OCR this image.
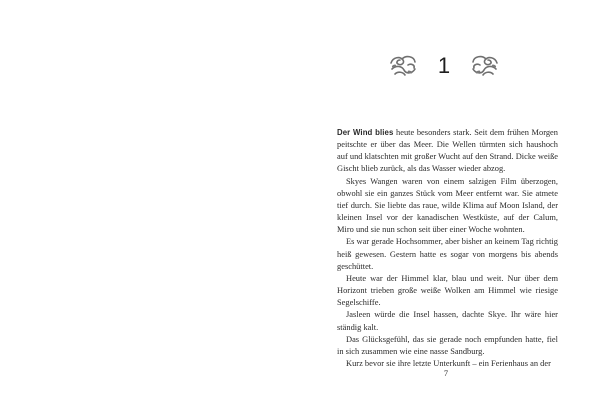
1

Der Wind blies heute besonders stark. Seit dem frühen Morgen peitschte er über das Meer. Die Wellen türmten sich haushoch auf und klatschten mit großer Wucht auf den Strand. Dicke weiße Gischt blieb zurück, als das Wasser wieder abzog.

Skyes Wangen waren von einem salzigen Film überzogen, obwohl sie ein ganzes Stück vom Meer entfernt war. Sie atmete tief durch. Sie liebte das raue, wilde Klima auf Moon Island, der kleinen Insel vor der kanadischen Westküste, auf der Calum, Miro und sie nun schon seit über einer Woche wohnten.

Es war gerade Hochsommer, aber bisher an keinem Tag richtig heiß gewesen. Gestern hatte es sogar von morgens bis abends geschüttet.

Heute war der Himmel klar, blau und weit. Nur über dem Horizont trieben große weiße Wolken am Himmel wie riesige Segelschiffe.

Jasleen würde die Insel hassen, dachte Skye. Ihr wäre hier ständig kalt.

Das Glücksgefühl, das sie gerade noch empfunden hatte, fiel in sich zusammen wie eine nasse Sandburg.

Kurz bevor sie ihre letzte Unterkunft – ein Ferienhaus an der

7
